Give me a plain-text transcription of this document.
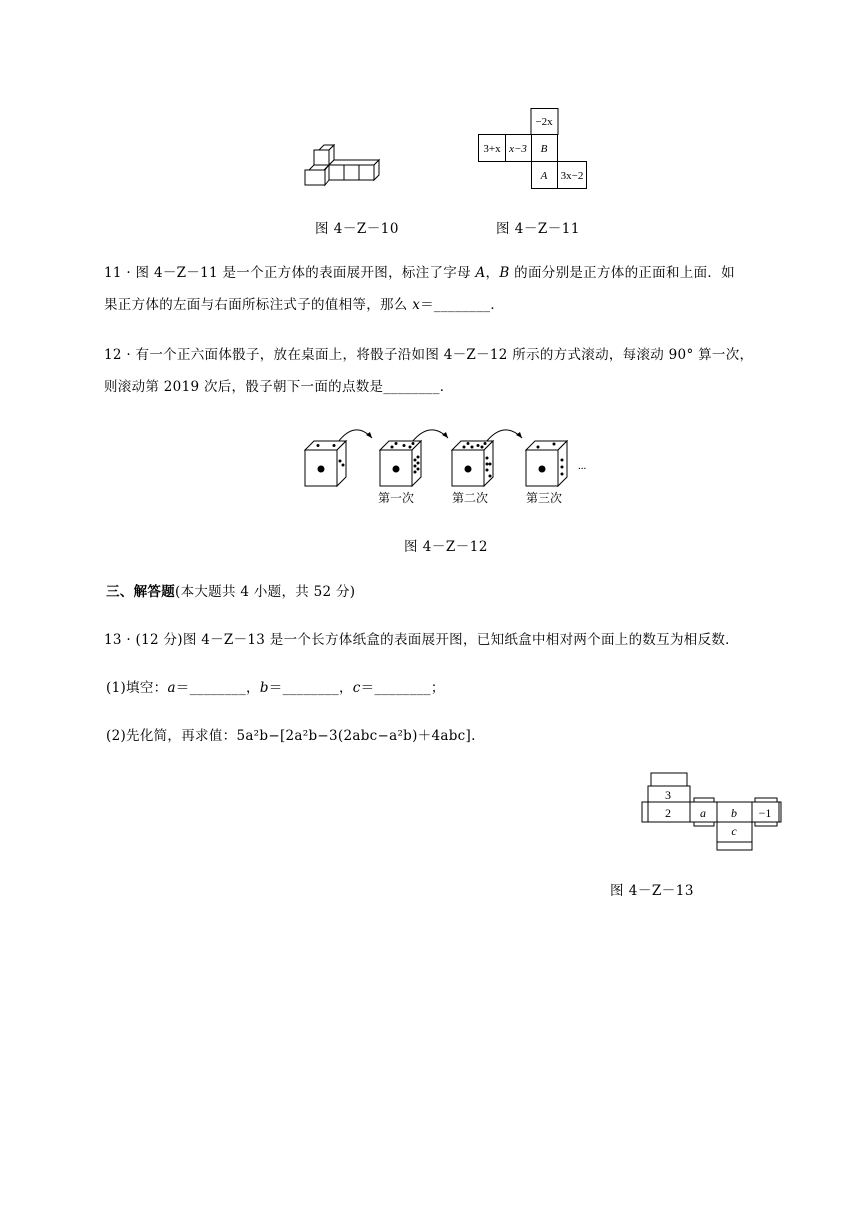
图 4－Z－10
−2x
3+x x−3 B
A 3x−2
图 4－Z－11
11 · 图 4－Z－11 是一个正方体的表面展开图，标注了字母 A，B 的面分别是正方体的正面和上面．如
果正方体的左面与右面所标注式子的值相等，那么 x＝________．
12 · 有一个正六面体骰子，放在桌面上，将骰子沿如图 4－Z－12 所示的方式滚动，每滚动 90° 算一次，
则滚动第 2019 次后，骰子朝下一面的点数是________．
...
第一次	第二次	第三次
图 4－Z－12
三、解答题(本大题共 4 小题，共 52 分)
13 · (12 分)图 4－Z－13 是一个长方体纸盒的表面展开图，已知纸盒中相对两个面上的数互为相反数．
(1)填空：a＝________，b＝________，c＝________；
(2)先化简，再求值：5a²b−[2a²b−3(2abc−a²b)＋4abc].
3
2 a b −1
c
图 4－Z－13
